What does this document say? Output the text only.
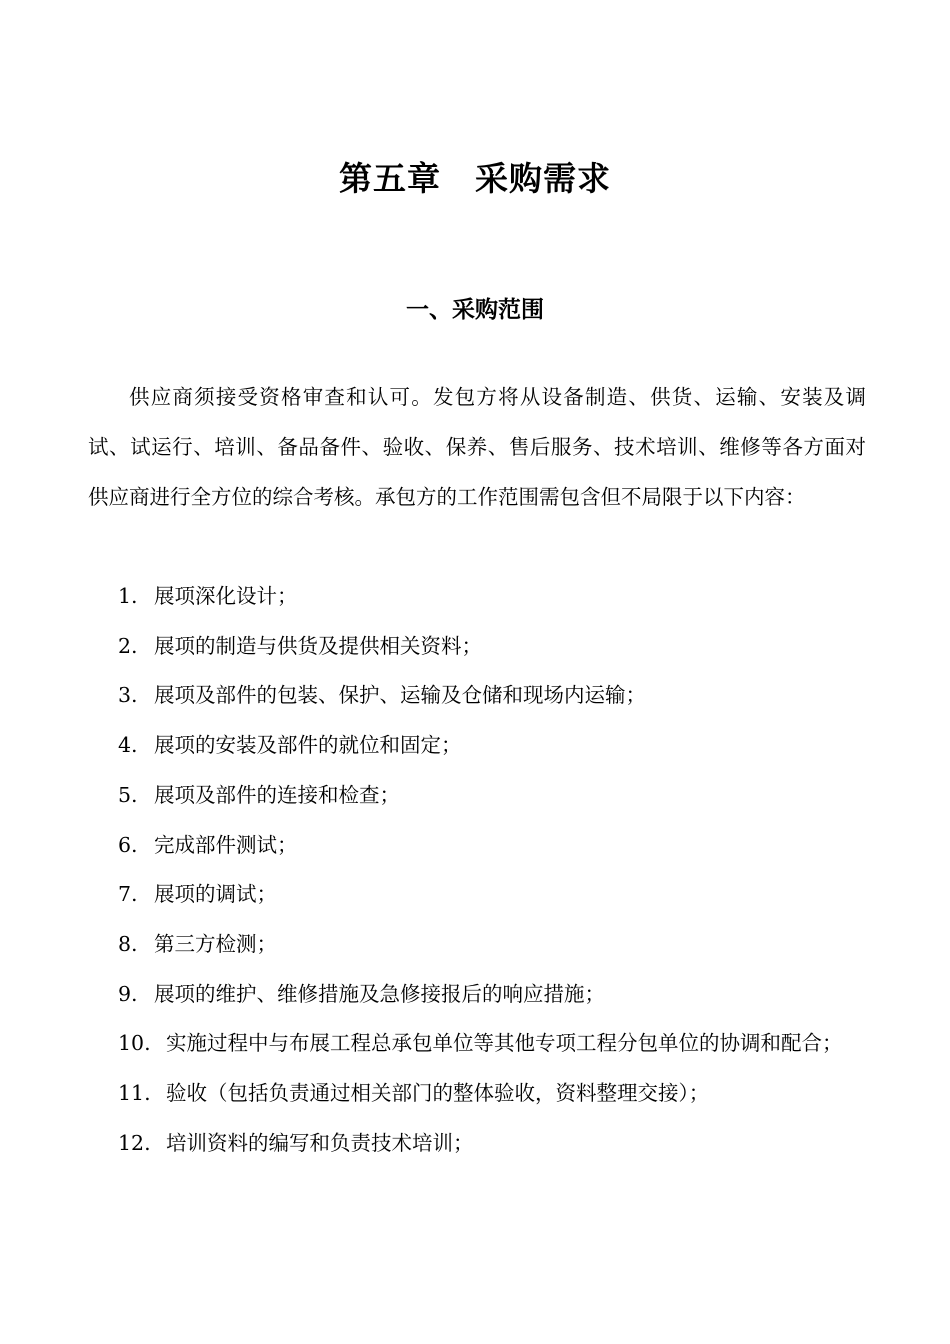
第五章　采购需求
一、采购范围

供应商须接受资格审查和认可。发包方将从设备制造、供货、运输、安装及调试、试运行、培训、备品备件、验收、保养、售后服务、技术培训、维修等各方面对供应商进行全方位的综合考核。承包方的工作范围需包含但不局限于以下内容：

1. 展项深化设计；
2. 展项的制造与供货及提供相关资料；
3. 展项及部件的包装、保护、运输及仓储和现场内运输；
4. 展项的安装及部件的就位和固定；
5. 展项及部件的连接和检查；
6. 完成部件测试；
7. 展项的调试；
8. 第三方检测；
9. 展项的维护、维修措施及急修接报后的响应措施；
10. 实施过程中与布展工程总承包单位等其他专项工程分包单位的协调和配合；
11. 验收（包括负责通过相关部门的整体验收，资料整理交接）；
12. 培训资料的编写和负责技术培训；
